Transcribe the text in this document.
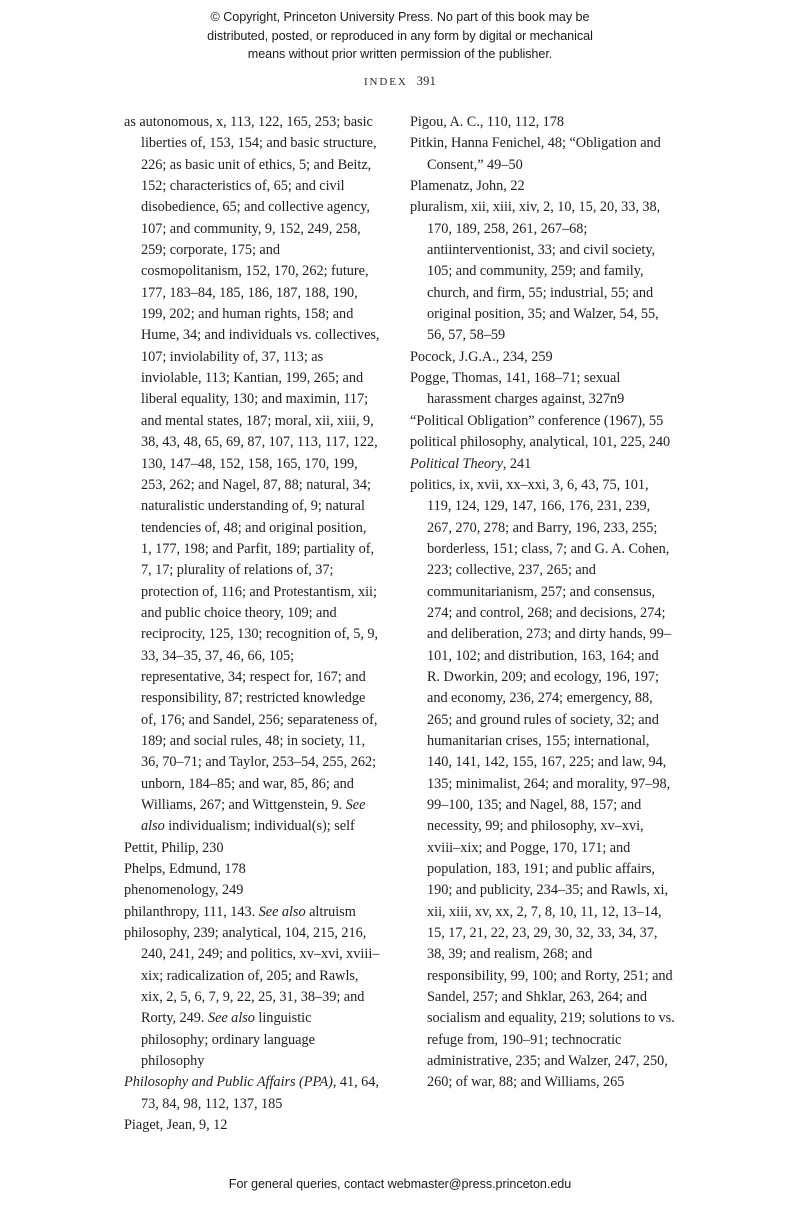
© Copyright, Princeton University Press. No part of this book may be
distributed, posted, or reproduced in any form by digital or mechanical
means without prior written permission of the publisher.
INDEX 391

as autonomous, x, 113, 122, 165, 253; basic liberties of, 153, 154; and basic structure, 226; as basic unit of ethics, 5; and Beitz, 152; characteristics of, 65; and civil disobedience, 65; and collective agency, 107; and community, 9, 152, 249, 258, 259; corporate, 175; and cosmopolitanism, 152, 170, 262; future, 177, 183–84, 185, 186, 187, 188, 190, 199, 202; and human rights, 158; and Hume, 34; and individuals vs. collectives, 107; inviolability of, 37, 113; as inviolable, 113; Kantian, 199, 265; and liberal equality, 130; and maximin, 117; and mental states, 187; moral, xii, xiii, 9, 38, 43, 48, 65, 69, 87, 107, 113, 117, 122, 130, 147–48, 152, 158, 165, 170, 199, 253, 262; and Nagel, 87, 88; natural, 34; naturalistic understanding of, 9; natural tendencies of, 48; and original position, 1, 177, 198; and Parfit, 189; partiality of, 7, 17; plurality of relations of, 37; protection of, 116; and Protestantism, xii; and public choice theory, 109; and reciprocity, 125, 130; recognition of, 5, 9, 33, 34–35, 37, 46, 66, 105; representative, 34; respect for, 167; and responsibility, 87; restricted knowledge of, 176; and Sandel, 256; separateness of, 189; and social rules, 48; in society, 11, 36, 70–71; and Taylor, 253–54, 255, 262; unborn, 184–85; and war, 85, 86; and Williams, 267; and Wittgenstein, 9. See also individualism; individual(s); self

Pettit, Philip, 230

Phelps, Edmund, 178

phenomenology, 249

philanthropy, 111, 143. See also altruism

philosophy, 239; analytical, 104, 215, 216, 240, 241, 249; and politics, xv–xvi, xviii–xix; radicalization of, 205; and Rawls, xix, 2, 5, 6, 7, 9, 22, 25, 31, 38–39; and Rorty, 249. See also linguistic philosophy; ordinary language philosophy

Philosophy and Public Affairs (PPA), 41, 64, 73, 84, 98, 112, 137, 185

Piaget, Jean, 9, 12

Pigou, A. C., 110, 112, 178

Pitkin, Hanna Fenichel, 48; “Obligation and Consent,” 49–50

Plamenatz, John, 22

pluralism, xii, xiii, xiv, 2, 10, 15, 20, 33, 38, 170, 189, 258, 261, 267–68; antiinterventionist, 33; and civil society, 105; and community, 259; and family, church, and firm, 55; industrial, 55; and original position, 35; and Walzer, 54, 55, 56, 57, 58–59

Pocock, J.G.A., 234, 259

Pogge, Thomas, 141, 168–71; sexual harassment charges against, 327n9

“Political Obligation” conference (1967), 55

political philosophy, analytical, 101, 225, 240

Political Theory, 241

politics, ix, xvii, xx–xxi, 3, 6, 43, 75, 101, 119, 124, 129, 147, 166, 176, 231, 239, 267, 270, 278; and Barry, 196, 233, 255; borderless, 151; class, 7; and G. A. Cohen, 223; collective, 237, 265; and communitarianism, 257; and consensus, 274; and control, 268; and decisions, 274; and deliberation, 273; and dirty hands, 99–101, 102; and distribution, 163, 164; and R. Dworkin, 209; and ecology, 196, 197; and economy, 236, 274; emergency, 88, 265; and ground rules of society, 32; and humanitarian crises, 155; international, 140, 141, 142, 155, 167, 225; and law, 94, 135; minimalist, 264; and morality, 97–98, 99–100, 135; and Nagel, 88, 157; and necessity, 99; and philosophy, xv–xvi, xviii–xix; and Pogge, 170, 171; and population, 183, 191; and public affairs, 190; and publicity, 234–35; and Rawls, xi, xii, xiii, xv, xx, 2, 7, 8, 10, 11, 12, 13–14, 15, 17, 21, 22, 23, 29, 30, 32, 33, 34, 37, 38, 39; and realism, 268; and responsibility, 99, 100; and Rorty, 251; and Sandel, 257; and Shklar, 263, 264; and socialism and equality, 219; solutions to vs. refuge from, 190–91; technocratic administrative, 235; and Walzer, 247, 250, 260; of war, 88; and Williams, 265

For general queries, contact webmaster@press.princeton.edu
